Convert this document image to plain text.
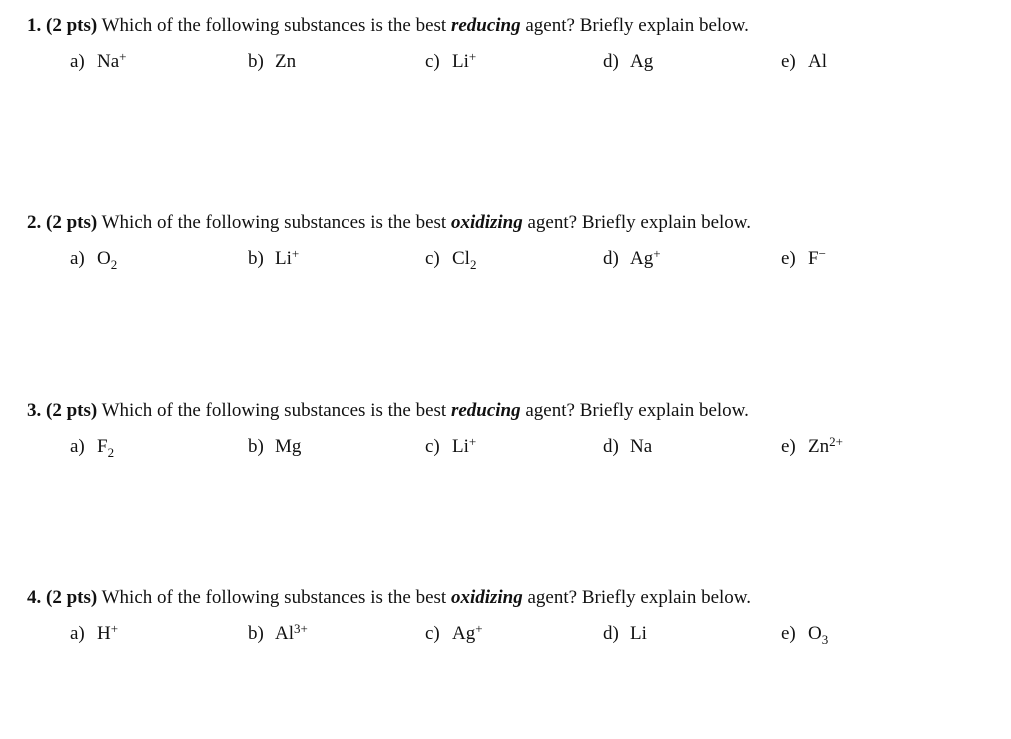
1. (2 pts) Which of the following substances is the best reducing agent? Briefly explain below.
a) Na+	b) Zn	c) Li+	d) Ag	e) Al
2. (2 pts) Which of the following substances is the best oxidizing agent? Briefly explain below.
a) $O_2$	b) Li+	c) $Cl_2$	d) Ag+	e) F−
3. (2 pts) Which of the following substances is the best reducing agent? Briefly explain below.
a) $F_2$	b) Mg	c) Li+	d) Na	e) $Zn^{2+}$
4. (2 pts) Which of the following substances is the best oxidizing agent? Briefly explain below.
a) H+	b) $Al^{3+}$	c) Ag+	d) Li	e) $O_3$
